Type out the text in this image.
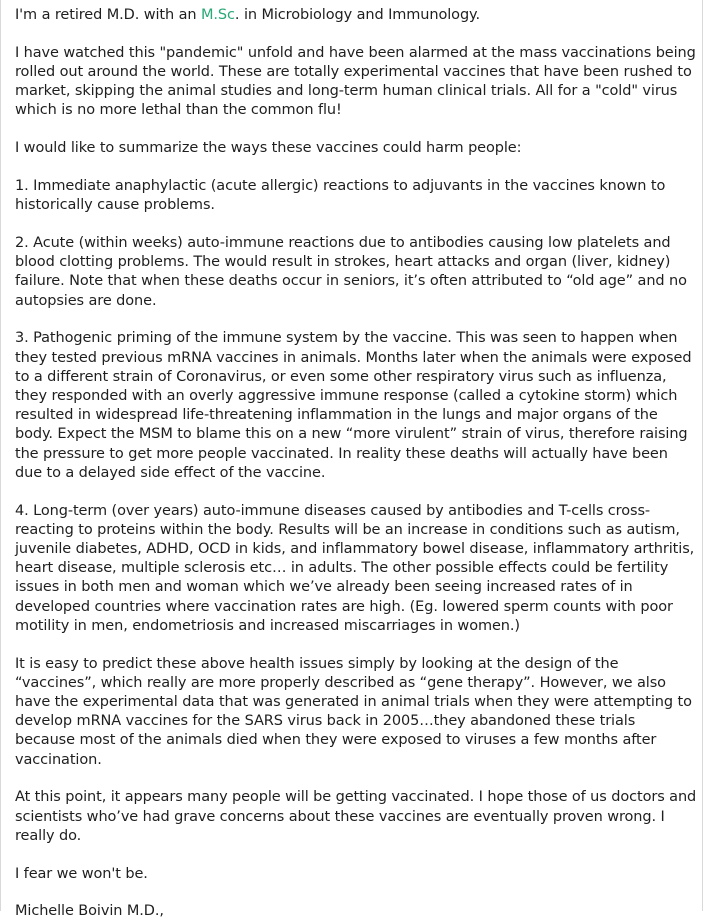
I'm a retired M.D. with an M.Sc. in Microbiology and Immunology.

I have watched this "pandemic" unfold and have been alarmed at the mass vaccinations being rolled out around the world. These are totally experimental vaccines that have been rushed to market, skipping the animal studies and long-term human clinical trials. All for a "cold" virus which is no more lethal than the common flu!

I would like to summarize the ways these vaccines could harm people:

1. Immediate anaphylactic (acute allergic) reactions to adjuvants in the vaccines known to historically cause problems.

2. Acute (within weeks) auto-immune reactions due to antibodies causing low platelets and blood clotting problems. The would result in strokes, heart attacks and organ (liver, kidney) failure. Note that when these deaths occur in seniors, it’s often attributed to “old age” and no autopsies are done.

3. Pathogenic priming of the immune system by the vaccine. This was seen to happen when they tested previous mRNA vaccines in animals. Months later when the animals were exposed to a different strain of Coronavirus, or even some other respiratory virus such as influenza, they responded with an overly aggressive immune response (called a cytokine storm) which resulted in widespread life-threatening inflammation in the lungs and major organs of the body. Expect the MSM to blame this on a new “more virulent” strain of virus, therefore raising the pressure to get more people vaccinated. In reality these deaths will actually have been due to a delayed side effect of the vaccine.

4. Long-term (over years) auto-immune diseases caused by antibodies and T-cells cross-reacting to proteins within the body. Results will be an increase in conditions such as autism, juvenile diabetes, ADHD, OCD in kids, and inflammatory bowel disease, inflammatory arthritis, heart disease, multiple sclerosis etc… in adults. The other possible effects could be fertility issues in both men and woman which we’ve already been seeing increased rates of in developed countries where vaccination rates are high. (Eg. lowered sperm counts with poor motility in men, endometriosis and increased miscarriages in women.)

It is easy to predict these above health issues simply by looking at the design of the “vaccines”, which really are more properly described as “gene therapy”. However, we also have the experimental data that was generated in animal trials when they were attempting to develop mRNA vaccines for the SARS virus back in 2005…they abandoned these trials because most of the animals died when they were exposed to viruses a few months after vaccination.

At this point, it appears many people will be getting vaccinated. I hope those of us doctors and scientists who’ve had grave concerns about these vaccines are eventually proven wrong. I really do.

I fear we won't be.

Michelle Boivin M.D.,
